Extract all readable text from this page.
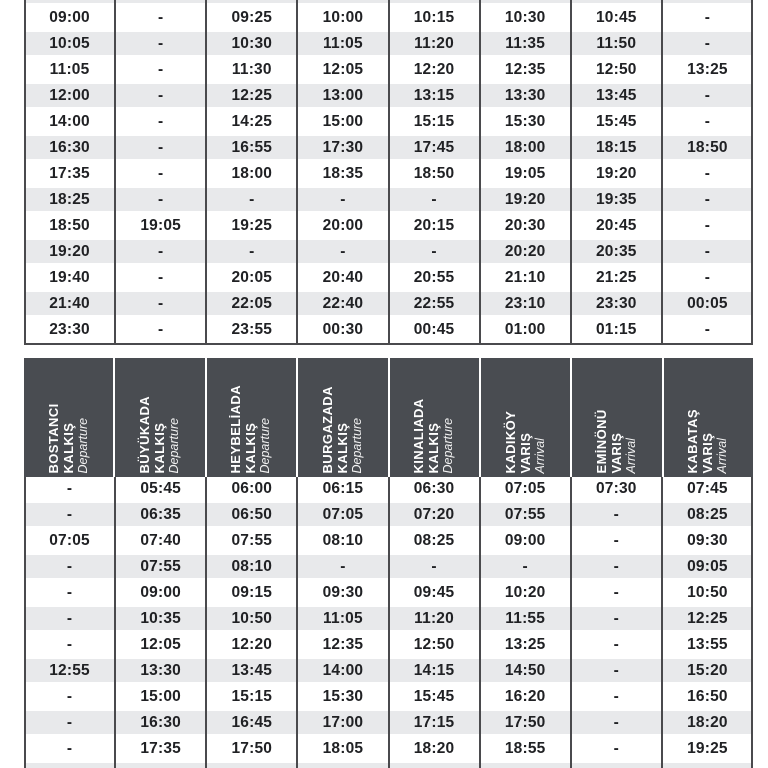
09:00	-	09:25	10:00	10:15	10:30	10:45	-
10:05	-	10:30	11:05	11:20	11:35	11:50	-
11:05	-	11:30	12:05	12:20	12:35	12:50	13:25
12:00	-	12:25	13:00	13:15	13:30	13:45	-
14:00	-	14:25	15:00	15:15	15:30	15:45	-
16:30	-	16:55	17:30	17:45	18:00	18:15	18:50
17:35	-	18:00	18:35	18:50	19:05	19:20	-
18:25	-	-	-	-	19:20	19:35	-
18:50	19:05	19:25	20:00	20:15	20:30	20:45	-
19:20	-	-	-	-	20:20	20:35	-
19:40	-	20:05	20:40	20:55	21:10	21:25	-
21:40	-	22:05	22:40	22:55	23:10	23:30	00:05
23:30	-	23:55	00:30	00:45	01:00	01:15	-
BOSTANCI KALKIŞ Departure	BÜYÜKADA KALKIŞ Departure	HEYBELİADA KALKIŞ Departure	BURGAZADA KALKIŞ Departure	KINALIADA KALKIŞ Departure	KADIKÖY VARIŞ Arrival	EMİNÖNÜ VARIŞ Arrival	KABATAŞ VARIŞ Arrival
-	05:45	06:00	06:15	06:30	07:05	07:30	07:45
-	06:35	06:50	07:05	07:20	07:55	-	08:25
07:05	07:40	07:55	08:10	08:25	09:00	-	09:30
-	07:55	08:10	-	-	-	-	09:05
-	09:00	09:15	09:30	09:45	10:20	-	10:50
-	10:35	10:50	11:05	11:20	11:55	-	12:25
-	12:05	12:20	12:35	12:50	13:25	-	13:55
12:55	13:30	13:45	14:00	14:15	14:50	-	15:20
-	15:00	15:15	15:30	15:45	16:20	-	16:50
-	16:30	16:45	17:00	17:15	17:50	-	18:20
-	17:35	17:50	18:05	18:20	18:55	-	19:25
